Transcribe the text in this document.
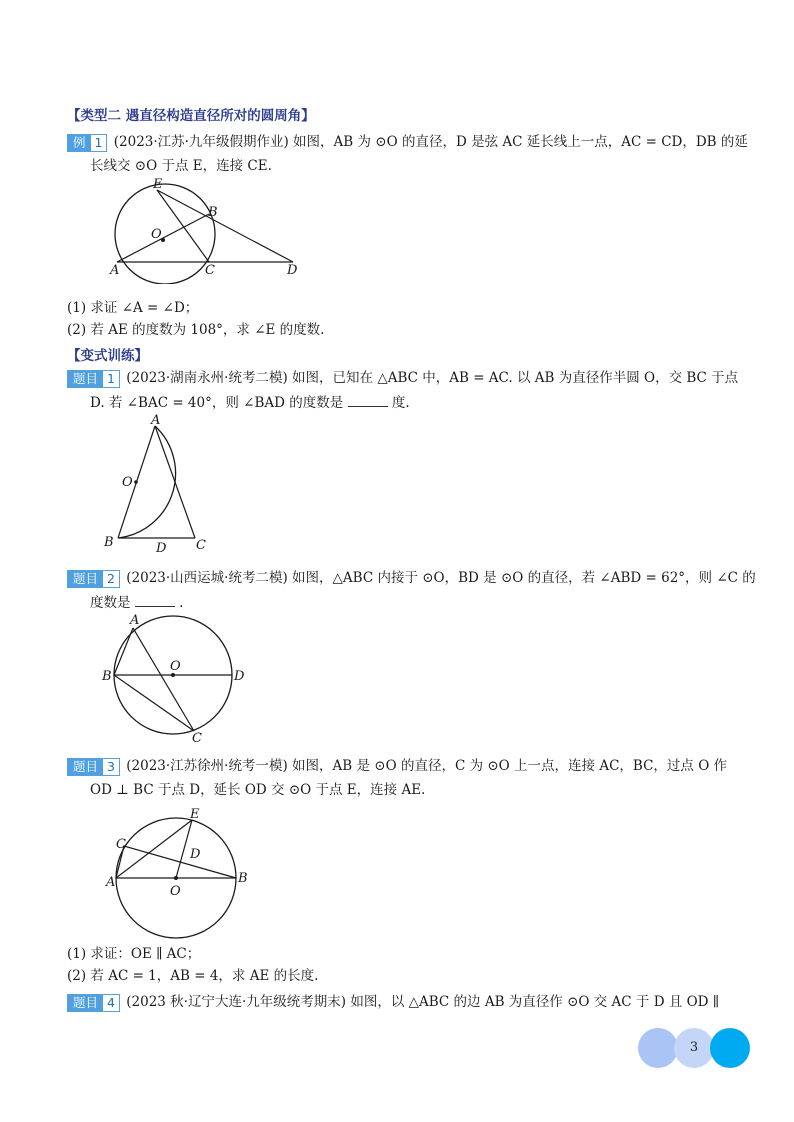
【类型二 遇直径构造直径所对的圆周角】
例 1 (2023·江苏·九年级假期作业) 如图，AB 为 ⊙O 的直径，D 是弦 AC 延长线上一点，AC = CD，DB 的延
长线交 ⊙O 于点 E，连接 CE.
E
B
O
A	C	D
(1) 求证 ∠A = ∠D；
(2) 若 AE 的度数为 108°，求 ∠E 的度数.
【变式训练】
题目 1 (2023·湖南永州·统考二模) 如图，已知在 △ABC 中，AB = AC. 以 AB 为直径作半圆 O，交 BC 于点
D. 若 ∠BAC = 40°，则 ∠BAD 的度数是	度.
A
O
B	D C
题目 2 (2023·山西运城·统考二模) 如图，△ABC 内接于 ⊙O，BD 是 ⊙O 的直径，若 ∠ABD = 62°，则 ∠C 的
度数是	.
A
O
B	D
C
题目 3 (2023·江苏徐州·统考一模) 如图，AB 是 ⊙O 的直径，C 为 ⊙O 上一点，连接 AC，BC，过点 O 作
OD ⊥ BC 于点 D，延长 OD 交 ⊙O 于点 E，连接 AE.
E
C
D
A
O
B
(1) 求证：OE ∥ AC；
(2) 若 AC = 1，AB = 4，求 AE 的长度.
题目 4 (2023 秋·辽宁大连·九年级统考期末) 如图，以 △ABC 的边 AB 为直径作 ⊙O 交 AC 于 D 且 OD ∥
3
